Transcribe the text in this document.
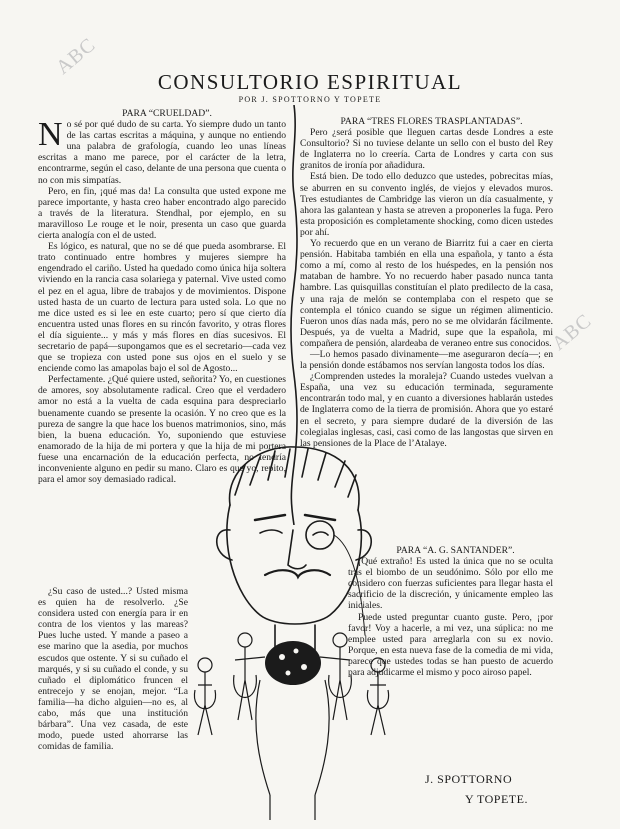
ABC
ABC
CONSULTORIO ESPIRITUAL
POR J. SPOTTORNO Y TOPETE

PARA “CRUELDAD”.

No sé por qué dudo de su carta. Yo siempre dudo un tanto de las cartas escritas a máquina, y aunque no entiendo una palabra de grafología, cuando leo unas líneas escritas a mano me parece, por el carácter de la letra, encontrarme, según el caso, delante de una persona que cuenta o no con mis simpatías.

Pero, en fin, ¡qué mas da! La consulta que usted expone me parece importante, y hasta creo haber encontrado algo parecido a través de la literatura. Stendhal, por ejemplo, en su maravilloso Le rouge et le noir, presenta un caso que guarda cierta analogía con el de usted.

Es lógico, es natural, que no se dé que pueda asombrarse. El trato continuado entre hombres y mujeres siempre ha engendrado el cariño. Usted ha quedado como única hija soltera viviendo en la rancia casa solariega y paternal. Vive usted como el pez en el agua, libre de trabajos y de movimientos. Dispone usted hasta de un cuarto de lectura para usted sola. Lo que no me dice usted es si lee en este cuarto; pero sí que cierto día encuentra usted unas flores en su rincón favorito, y otras flores el día siguiente... y más y más flores en días sucesivos. El secretario de papá—supongamos que es el secretario—cada vez que se tropieza con usted pone sus ojos en el suelo y se enciende como las amapolas bajo el sol de Agosto...

Perfectamente. ¿Qué quiere usted, señorita? Yo, en cuestiones de amores, soy absolutamente radical. Creo que el verdadero amor no está a la vuelta de cada esquina para despreciarlo buenamente cuando se presente la ocasión. Y no creo que es la pureza de sangre la que hace los buenos matrimonios, sino, más bien, la buena educación. Yo, suponiendo que estuviese enamorado de la hija de mi portera y que la hija de mi portera fuese una encarnación de la educación perfecta, no tendría inconveniente alguno en pedir su mano. Claro es que yo, repito, para el amor soy demasiado radical.

PARA “TRES FLORES TRASPLANTADAS”.

Pero ¿será posible que lleguen cartas desde Londres a este Consultorio? Si no tuviese delante un sello con el busto del Rey de Inglaterra no lo creería. Carta de Londres y carta con sus granitos de ironía por añadidura.

Está bien. De todo ello deduzco que ustedes, pobrecitas mías, se aburren en su convento inglés, de viejos y elevados muros. Tres estudiantes de Cambridge las vieron un día casualmente, y ahora las galantean y hasta se atreven a proponerles la fuga. Pero esta proposición es completamente shocking, como dicen ustedes por ahí.

Yo recuerdo que en un verano de Biarritz fui a caer en cierta pensión. Habitaba también en ella una española, y tanto a ésta como a mí, como al resto de los huéspedes, en la pensión nos mataban de hambre. Yo no recuerdo haber pasado nunca tanta hambre. Las quisquillas constituían el plato predilecto de la casa, y una raja de melón se contemplaba con el respeto que se contempla el tónico cuando se sigue un régimen alimenticio. Fueron unos días nada más, pero no se me olvidarán fácilmente. Después, ya de vuelta a Madrid, supe que la española, mi compañera de pensión, alardeaba de veraneo entre sus conocidos.

—Lo hemos pasado divinamente—me aseguraron decía—; en la pensión donde estábamos nos servían langosta todos los días.

¿Comprenden ustedes la moraleja? Cuando ustedes vuelvan a España, una vez su educación terminada, seguramente encontrarán todo mal, y en cuanto a diversiones hablarán ustedes de Inglaterra como de la tierra de promisión. Ahora que yo estaré en el secreto, y para siempre dudaré de la diversión de las colegialas inglesas, casi, casi como de las langostas que sirven en las pensiones de la Place de l’Atalaye.

¿Su caso de usted...? Usted misma es quien ha de resolverlo. ¿Se considera usted con energía para ir en contra de los vientos y las mareas? Pues luche usted. Y mande a paseo a ese marino que la asedia, por muchos escudos que ostente. Y si su cuñado el marqués, y si su cuñado el conde, y su cuñado el diplomático fruncen el entrecejo y se enojan, mejor. “La familia—ha dicho alguien—no es, al cabo, más que una institución bárbara”. Una vez casada, de este modo, puede usted ahorrarse las comidas de familia.

PARA “A. G. SANTANDER”.

¡Qué extraño! Es usted la única que no se oculta tras el biombo de un seudónimo. Sólo por ello me considero con fuerzas suficientes para llegar hasta el sacrificio de la discreción, y únicamente empleo las iniciales.

Puede usted preguntar cuanto guste. Pero, ¡por favor! Voy a hacerle, a mi vez, una súplica: no me emplee usted para arreglarla con su ex novio. Porque, en esta nueva fase de la comedia de mi vida, parece que ustedes todas se han puesto de acuerdo para adjudicarme el mismo y poco airoso papel.

J. SPOTTORNO
Y TOPETE.
